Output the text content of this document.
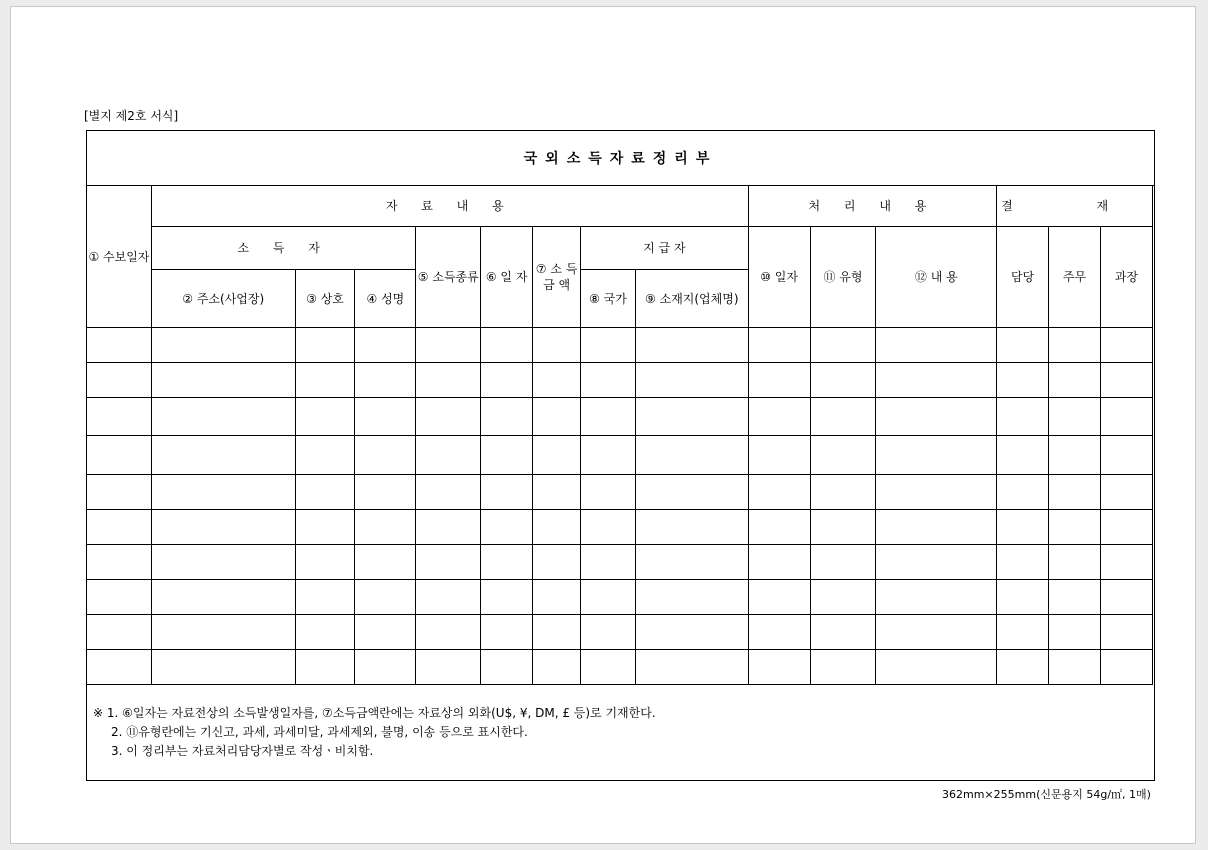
[별지 제2호 서식]
국외소득자료정리부
① 수보일자	자 료 내 용								처 리 내 용			결 재		
	소 득 자			⑤ 소득종류	⑥ 일 자	⑦ 소 득 금 액	지 급 자		⑩ 일자	⑪ 유형	⑫ 내 용	담당	주무	과장
	② 주소(사업장)	③ 상호	④ 성명				⑧ 국가	⑨ 소재지(업체명)						

※ 1. ⑥일자는 자료전상의 소득발생일자를, ⑦소득금액란에는 자료상의 외화(U$, ¥, DM, £ 등)로 기재한다.
2. ⑪유형란에는 기신고, 과세, 과세미달, 과세제외, 불명, 이송 등으로 표시한다.
3. 이 정리부는 자료처리담당자별로 작성ㆍ비치함.
362mm×255mm(신문용지 54g/㎡, 1매)
